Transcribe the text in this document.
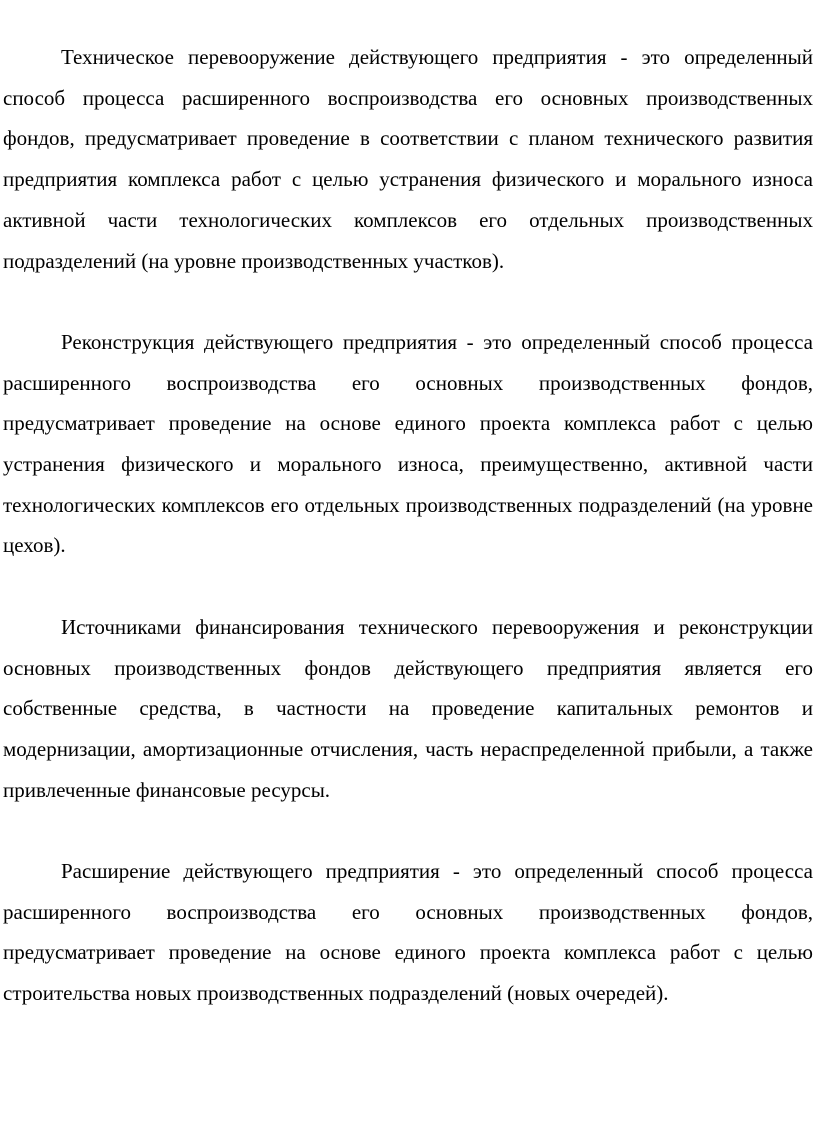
Техническое перевооружение действующего предприятия - это определенный способ процесса расширенного воспроизводства его основных производственных фондов, предусматривает проведение в соответствии с планом технического развития предприятия комплекса работ с целью устранения физического и морального износа активной части технологических комплексов его отдельных производственных подразделений (на уровне производственных участков).

Реконструкция действующего предприятия - это определенный способ процесса расширенного воспроизводства его основных производственных фондов, предусматривает проведение на основе единого проекта комплекса работ с целью устранения физического и морального износа, преимущественно, активной части технологических комплексов его отдельных производственных подразделений (на уровне цехов).

Источниками финансирования технического перевооружения и реконструкции основных производственных фондов действующего предприятия является его собственные средства, в частности на проведение капитальных ремонтов и модернизации, амортизационные отчисления, часть нераспределенной прибыли, а также привлеченные финансовые ресурсы.

Расширение действующего предприятия - это определенный способ процесса расширенного воспроизводства его основных производственных фондов, предусматривает проведение на основе единого проекта комплекса работ с целью строительства новых производственных подразделений (новых очередей).
